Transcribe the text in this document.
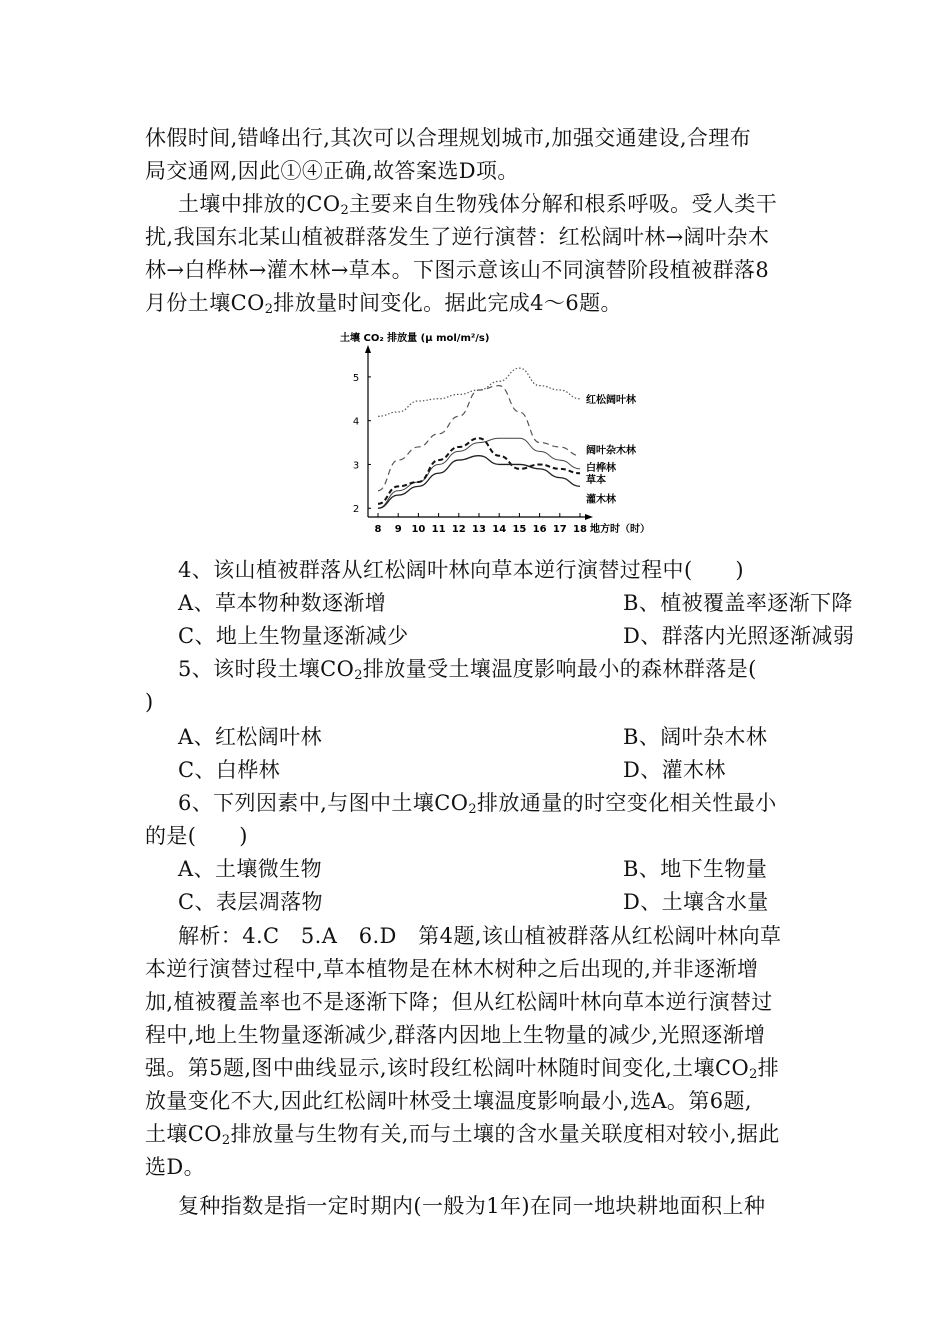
休假时间,错峰出行,其次可以合理规划城市,加强交通建设,合理布
局交通网,因此①④正确,故答案选D项。
土壤中排放的$CO_2$主要来自生物残体分解和根系呼吸。受人类干
扰,我国东北某山植被群落发生了逆行演替：红松阔叶林→阔叶杂木
林→白桦林→灌木林→草本。下图示意该山不同演替阶段植被群落8
月份土壤$CO_2$排放量时间变化。据此完成4～6题。
土壤 CO₂ 排放量 (μ mol/m²/s)
地方时（时）
2
3
4
5
8 9 10 11 12 13 14 15 16 17 18
红松阔叶林
阔叶杂木林
白桦林
草本
灌木林
4、该山植被群落从红松阔叶林向草本逆行演替过程中(　　)
A、草本物种数逐渐增	B、植被覆盖率逐渐下降
C、地上生物量逐渐减少	D、群落内光照逐渐减弱
5、该时段土壤$CO_2$排放量受土壤温度影响最小的森林群落是(
)
A、红松阔叶林	B、阔叶杂木林
C、白桦林	D、灌木林
6、下列因素中,与图中土壤$CO_2$排放通量的时空变化相关性最小
的是(　　)
A、土壤微生物	B、地下生物量
C、表层凋落物	D、土壤含水量
解析：4.C　5.A　6.D　第4题,该山植被群落从红松阔叶林向草
本逆行演替过程中,草本植物是在林木树种之后出现的,并非逐渐增
加,植被覆盖率也不是逐渐下降；但从红松阔叶林向草本逆行演替过
程中,地上生物量逐渐减少,群落内因地上生物量的减少,光照逐渐增
强。第5题,图中曲线显示,该时段红松阔叶林随时间变化,土壤$CO_2$排
放量变化不大,因此红松阔叶林受土壤温度影响最小,选A。第6题,
土壤$CO_2$排放量与生物有关,而与土壤的含水量关联度相对较小,据此
选D。
复种指数是指一定时期内(一般为1年)在同一地块耕地面积上种
